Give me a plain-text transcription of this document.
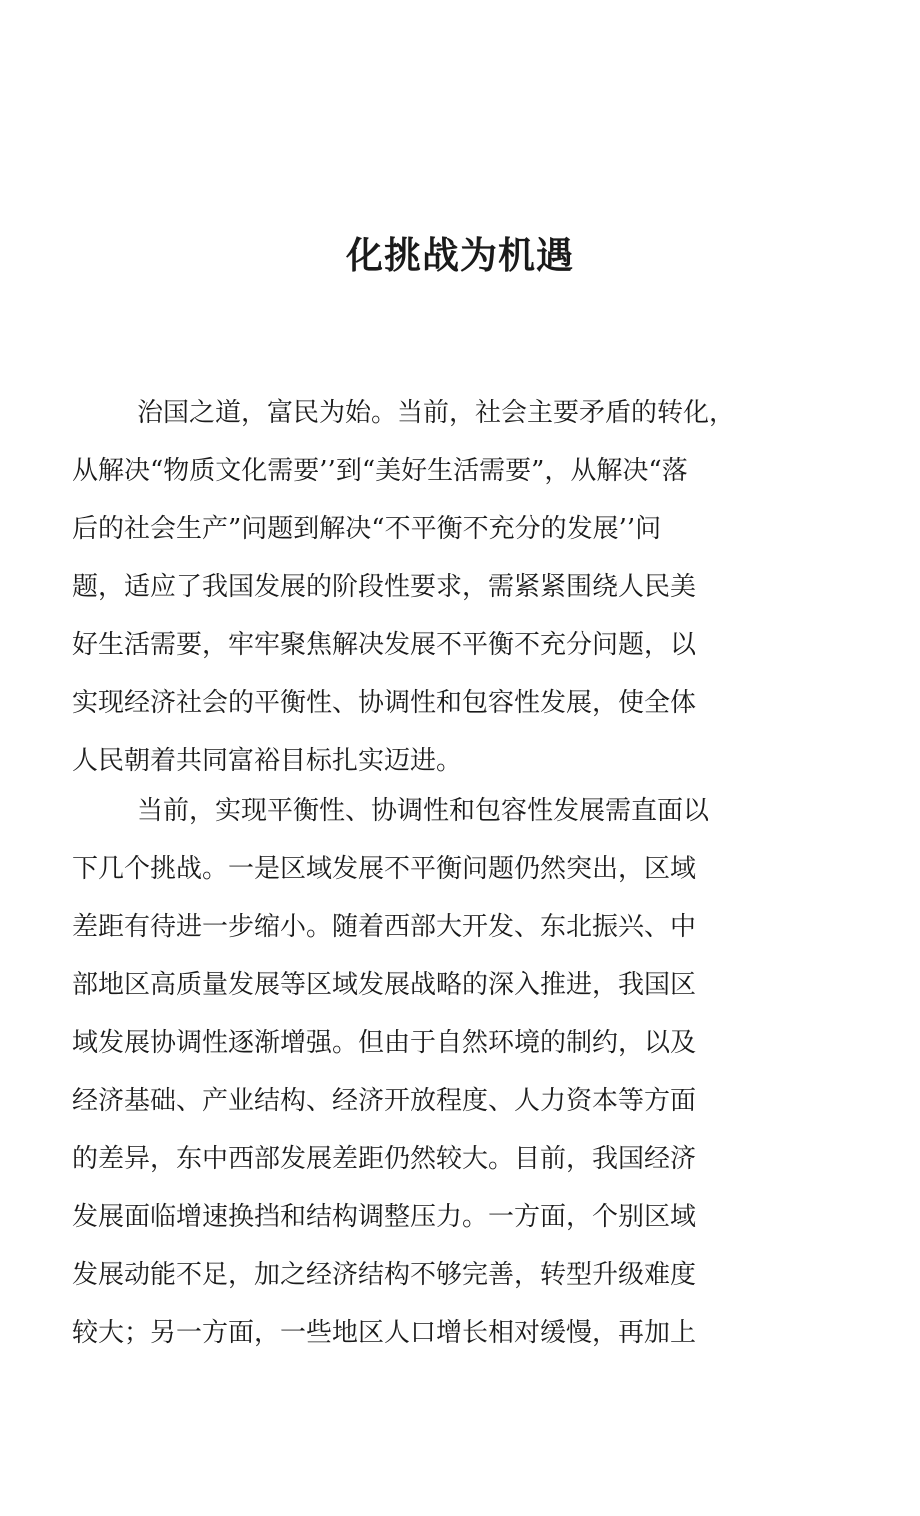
化挑战为机遇
治国之道，富民为始。当前，社会主要矛盾的转化，
从解决“物质文化需要’’到“美好生活需要”，从解决“落
后的社会生产”问题到解决“不平衡不充分的发展’’问
题，适应了我国发展的阶段性要求，需紧紧围绕人民美
好生活需要，牢牢聚焦解决发展不平衡不充分问题，以
实现经济社会的平衡性、协调性和包容性发展，使全体
人民朝着共同富裕目标扎实迈进。
当前，实现平衡性、协调性和包容性发展需直面以
下几个挑战。一是区域发展不平衡问题仍然突出，区域
差距有待进一步缩小。随着西部大开发、东北振兴、中
部地区高质量发展等区域发展战略的深入推进，我国区
域发展协调性逐渐增强。但由于自然环境的制约，以及
经济基础、产业结构、经济开放程度、人力资本等方面
的差异，东中西部发展差距仍然较大。目前，我国经济
发展面临增速换挡和结构调整压力。一方面，个别区域
发展动能不足，加之经济结构不够完善，转型升级难度
较大；另一方面，一些地区人口增长相对缓慢，再加上
